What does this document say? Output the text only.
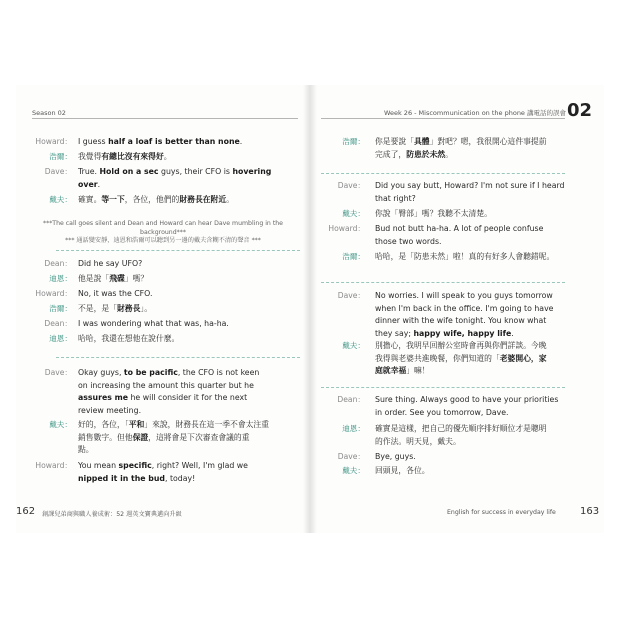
Season 02
Howard： I guess half a loaf is better than none.
浩爾： 我覺得有總比沒有來得好。
Dave： True. Hold on a sec guys, their CFO is hovering
over.
戴夫： 確實。等一下，各位，他們的財務長在附近。
Dean： Did he say UFO?
迪恩： 他是說「飛碟」嗎？
Howard： No, it was the CFO.
浩爾： 不是，是「財務長」。
Dean： I was wondering what that was, ha-ha.
迪恩： 哈哈，我還在想他在說什麼。
Dave： Okay guys, to be pacific, the CFO is not keen
on increasing the amount this quarter but he
assures me he will consider it for the next
review meeting.
戴夫： 好的，各位，「平和」來說，財務長在這一季不會太注重
銷售數字。但他保證，這將會是下次審查會議的重
點。
Howard： You mean specific, right? Well, I'm glad we
nipped it in the bud, today!
***The call goes silent and Dean and Howard can hear Dave mumbling in the
background***
*** 通話變安靜，迪恩和浩爾可以聽到另一邊的戴夫含糊不清的聲音 ***
162 創課兒弟商與職人養成術：52 週英文寶典邁向升級
Week 26 - Miscommunication on the phone 講電話的誤會 02
浩爾： 你是要說「具體」對吧？嗯，我很開心這件事提前
完成了，防患於未然。
Dave： Did you say butt, Howard? I'm not sure if I heard
that right?
戴夫： 你說「臀部」嗎？我聽不太清楚。
Howard： Bud not butt ha-ha. A lot of people confuse
those two words.
浩爾： 哈哈，是「防患未然」啦！真的有好多人會聽錯呢。
Dave： No worries. I will speak to you guys tomorrow
when I'm back in the office. I'm going to have
dinner with the wife tonight. You know what
they say; happy wife, happy life.
戴夫： 別擔心，我明早回辦公室時會再與你們詳談。今晚
我得與老婆共進晚餐，你們知道的「老婆開心，家
庭就幸福」嘛！
Dean： Sure thing. Always good to have your priorities
in order. See you tomorrow, Dave.
迪恩： 確實是這樣，把自己的優先順序排好順位才是聰明
的作法。明天見，戴夫。
Dave： Bye, guys.
戴夫： 回頭見，各位。
English for success in everyday life 163
